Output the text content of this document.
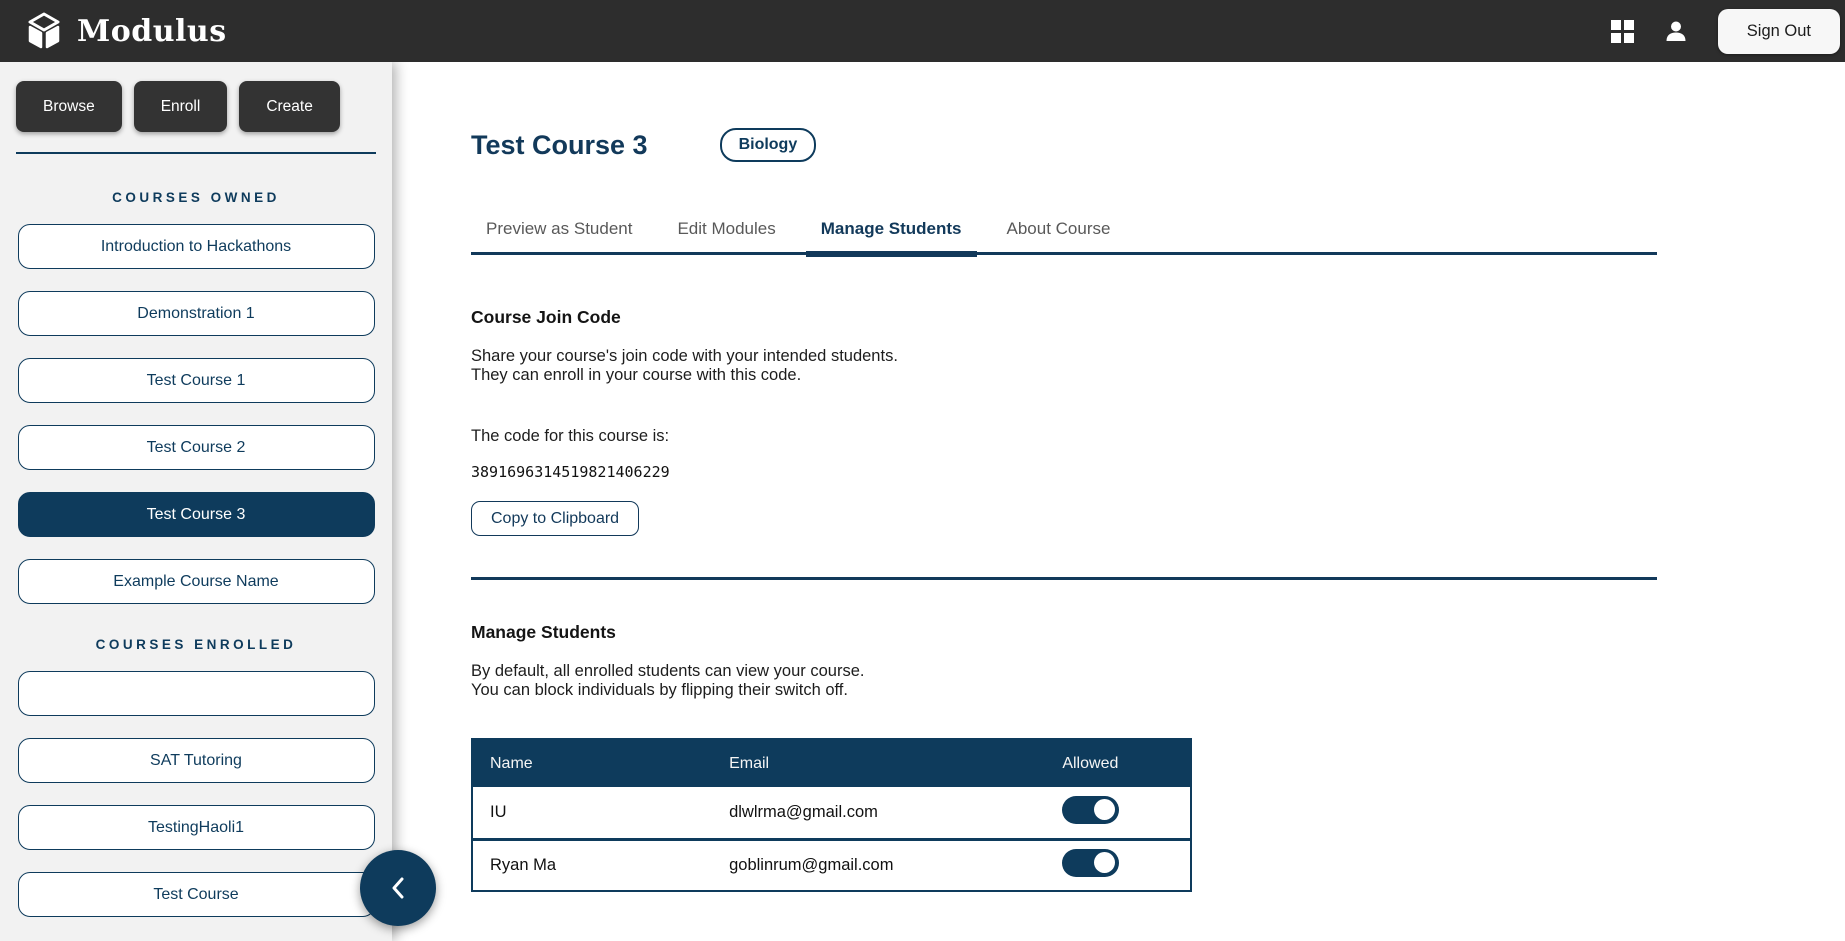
Modulus	Sign Out
Browse	Enroll	Create
COURSES OWNED
Introduction to Hackathons
Demonstration 1
Test Course 1
Test Course 2
Test Course 3
Example Course Name
COURSES ENROLLED
SAT Tutoring
TestingHaoli1
Test Course
Test Course 3	Biology
Preview as Student	Edit Modules	Manage Students	About Course
Course Join Code

Share your course's join code with your intended students.
They can enroll in your course with this code.

The code for this course is:

3891696314519821406229
Copy to Clipboard
Manage Students

By default, all enrolled students can view your course.
You can block individuals by flipping their switch off.

Name	Email	Allowed
IU	dlwlrma@gmail.com	

Ryan Ma	goblinrum@gmail.com	
